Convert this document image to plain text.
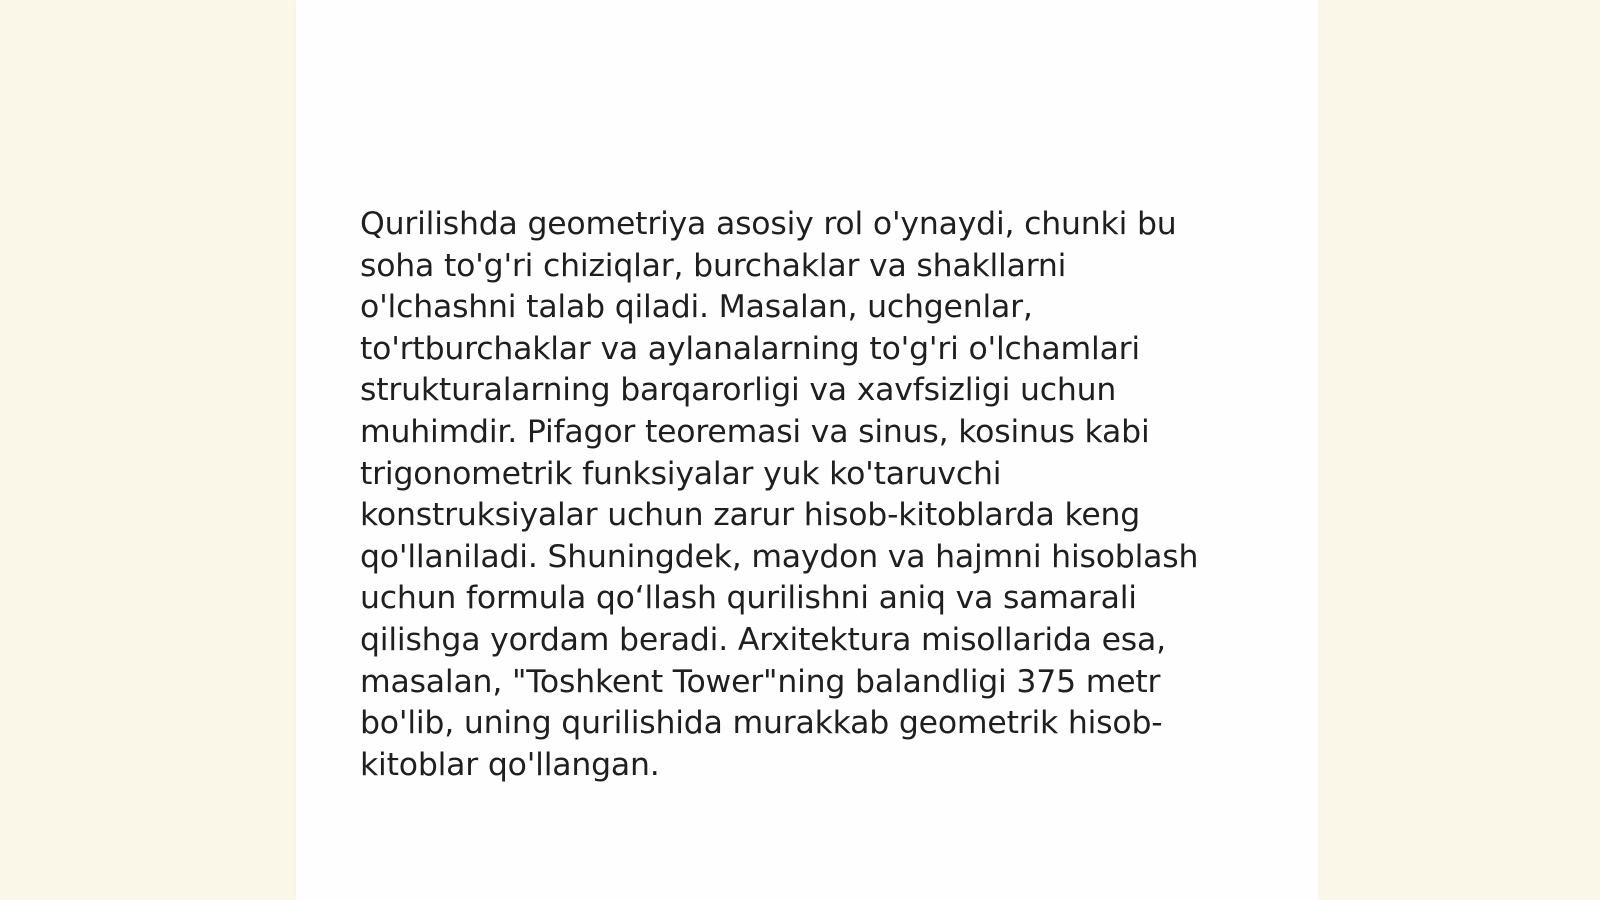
Qurilishda geometriya asosiy rol o'ynaydi, chunki bu
soha to'g'ri chiziqlar, burchaklar va shakllarni
o'lchashni talab qiladi. Masalan, uchgenlar,
to'rtburchaklar va aylanalarning to'g'ri o'lchamlari
strukturalarning barqarorligi va xavfsizligi uchun
muhimdir. Pifagor teoremasi va sinus, kosinus kabi
trigonometrik funksiyalar yuk ko'taruvchi
konstruksiyalar uchun zarur hisob-kitoblarda keng
qo'llaniladi. Shuningdek, maydon va hajmni hisoblash
uchun formula qo‘llash qurilishni aniq va samarali
qilishga yordam beradi. Arxitektura misollarida esa,
masalan, "Toshkent Tower"ning balandligi 375 metr
bo'lib, uning qurilishida murakkab geometrik hisob-
kitoblar qo'llangan.
